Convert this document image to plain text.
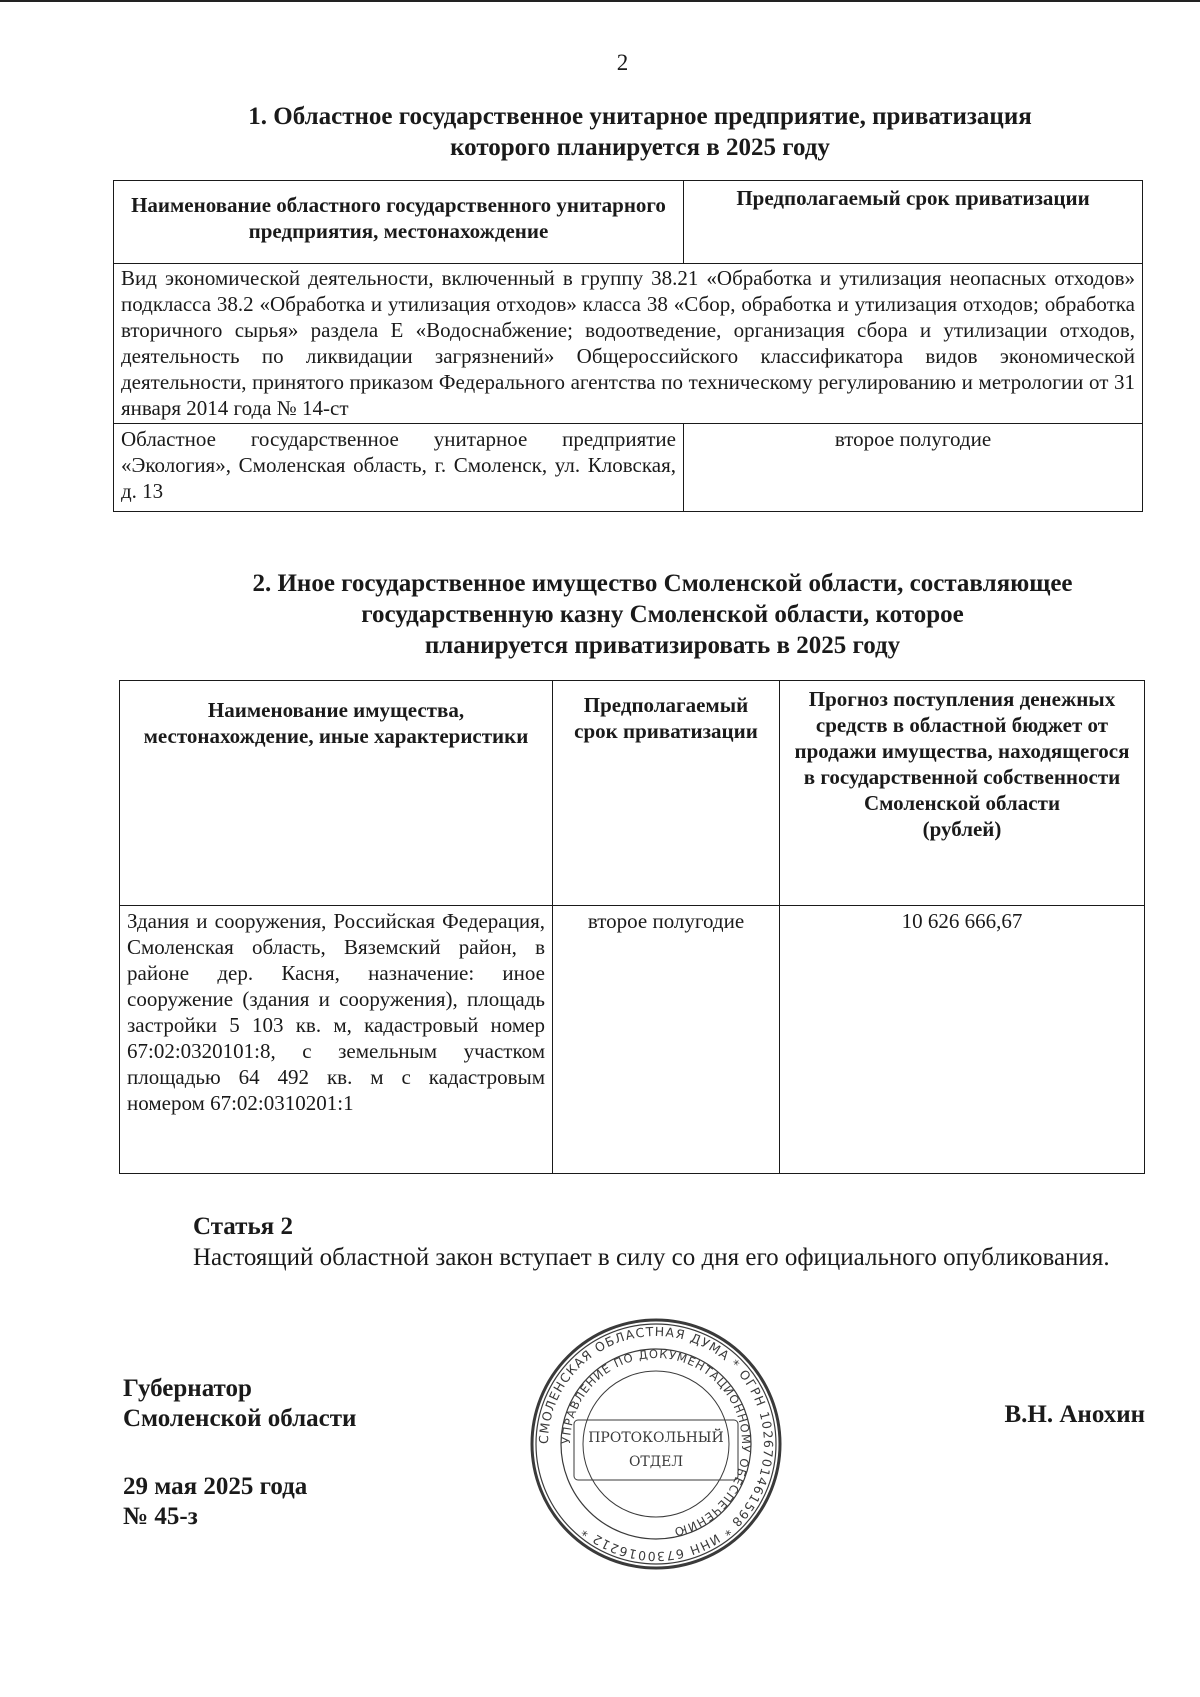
2
1. Областное государственное унитарное предприятие, приватизация
которого планируется в 2025 году
Наименование областного государственного унитарного предприятия, местонахождение	Предполагаемый срок приватизации
Вид экономической деятельности, включенный в группу 38.21 «Обработка и утилизация неопасных отходов» подкласса 38.2 «Обработка и утилизация отходов» класса 38 «Сбор, обработка и утилизация отходов; обработка вторичного сырья» раздела Е «Водоснабжение; водоотведение, организация сбора и утилизации отходов, деятельность по ликвидации загрязнений» Общероссийского классификатора видов экономической деятельности, принятого приказом Федерального агентства по техническому регулированию и метрологии от 31 января 2014 года № 14-ст	
Областное государственное унитарное предприятие «Экология», Смоленская область, г. Смоленск, ул. Кловская, д. 13	второе полугодие
2. Иное государственное имущество Смоленской области, составляющее
государственную казну Смоленской области, которое
планируется приватизировать в 2025 году
Наименование имущества, местонахождение, иные характеристики	Предполагаемый срок приватизации	Прогноз поступления денежных средств в областной бюджет от продажи имущества, находящегося в государственной собственности Смоленской области
(рублей)
Здания и сооружения, Российская Федерация, Смоленская область, Вяземский район, в районе дер. Касня, назначение: иное сооружение (здания и сооружения), площадь застройки 5 103 кв. м, кадастровый номер 67:02:0320101:8, с земельным участком площадью 64 492 кв. м с кадастровым номером 67:02:0310201:1	второе полугодие	10 626 666,67
Статья 2
Настоящий областной закон вступает в силу со дня его официального опубликования.
Губернатор
Смоленской области	В.Н. Анохин
29 мая 2025 года
№ 45-з
СМОЛЕНСКАЯ ОБЛАСТНАЯ ДУМА * ОГРН 1026701461598 * ИНН 6730016212 *
УПРАВЛЕНИЕ ПО ДОКУМЕНТАЦИОННОМУ ОБЕСПЕЧЕНИЮ
ПРОТОКОЛЬНЫЙ
ОТДЕЛ
